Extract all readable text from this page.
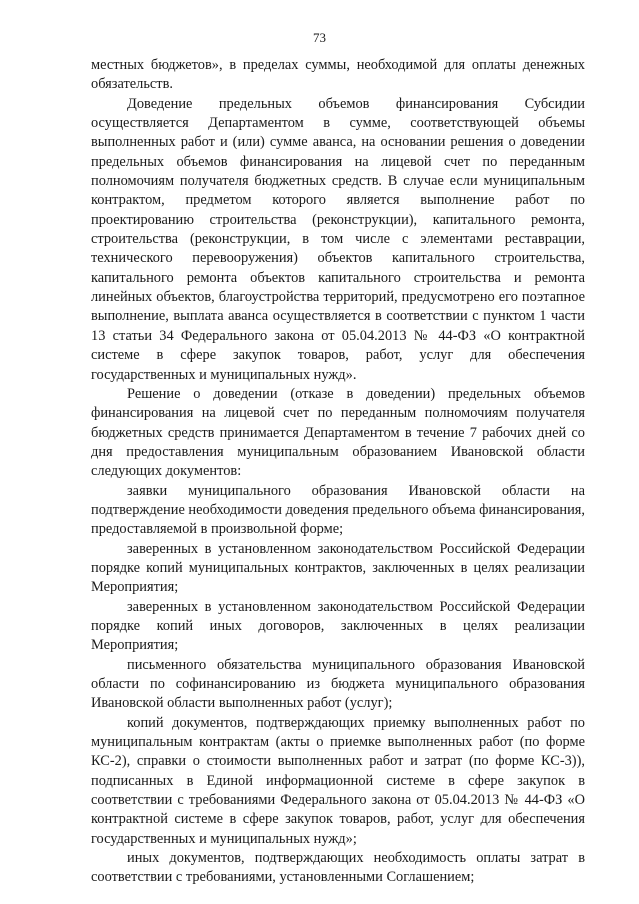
73

местных бюджетов», в пределах суммы, необходимой для оплаты денежных обязательств.

Доведение предельных объемов финансирования Субсидии осуществляется Департаментом в сумме, соответствующей объемы выполненных работ и (или) сумме аванса, на основании решения о доведении предельных объемов финансирования на лицевой счет по переданным полномочиям получателя бюджетных средств. В случае если муниципальным контрактом, предметом которого является выполнение работ по проектированию строительства (реконструкции), капитального ремонта, строительства (реконструкции, в том числе с элементами реставрации, технического перевооружения) объектов капитального строительства, капитального ремонта объектов капитального строительства и ремонта линейных объектов, благоустройства территорий, предусмотрено его поэтапное выполнение, выплата аванса осуществляется в соответствии с пунктом 1 части 13 статьи 34 Федерального закона от 05.04.2013 № 44-ФЗ «О контрактной системе в сфере закупок товаров, работ, услуг для обеспечения государственных и муниципальных нужд».

Решение о доведении (отказе в доведении) предельных объемов финансирования на лицевой счет по переданным полномочиям получателя бюджетных средств принимается Департаментом в течение 7 рабочих дней со дня предоставления муниципальным образованием Ивановской области следующих документов:

заявки муниципального образования Ивановской области на подтверждение необходимости доведения предельного объема финансирования, предоставляемой в произвольной форме;

заверенных в установленном законодательством Российской Федерации порядке копий муниципальных контрактов, заключенных в целях реализации Мероприятия;

заверенных в установленном законодательством Российской Федерации порядке копий иных договоров, заключенных в целях реализации Мероприятия;

письменного обязательства муниципального образования Ивановской области по софинансированию из бюджета муниципального образования Ивановской области выполненных работ (услуг);

копий документов, подтверждающих приемку выполненных работ по муниципальным контрактам (акты о приемке выполненных работ (по форме КС-2), справки о стоимости выполненных работ и затрат (по форме КС-3)), подписанных в Единой информационной системе в сфере закупок в соответствии с требованиями Федерального закона от 05.04.2013 № 44-ФЗ «О контрактной системе в сфере закупок товаров, работ, услуг для обеспечения государственных и муниципальных нужд»;

иных документов, подтверждающих необходимость оплаты затрат в соответствии с требованиями, установленными Соглашением;
